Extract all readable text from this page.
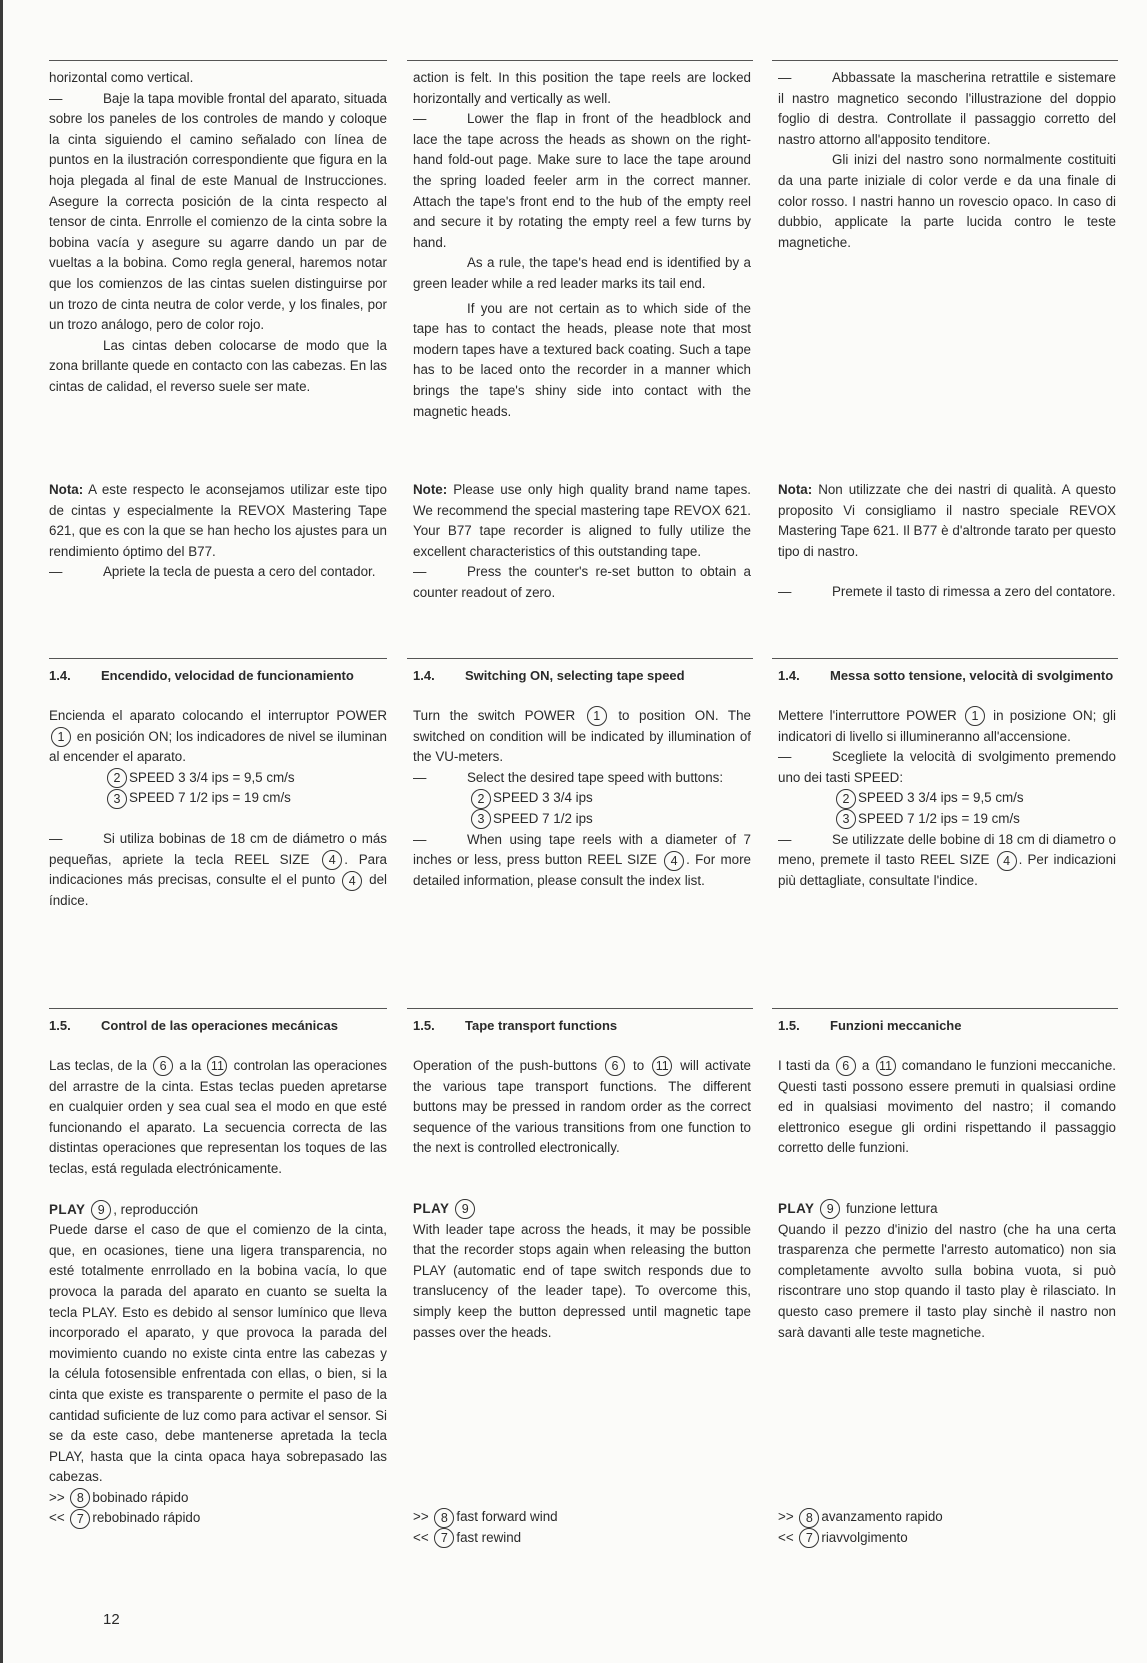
horizontal como vertical.

—	Baje la tapa movible frontal del aparato, situada sobre los paneles de los controles de mando y coloque la cinta siguiendo el camino señalado con línea de puntos en la ilustración correspondiente que figura en la hoja plegada al final de este Manual de Instrucciones. Asegure la correcta posición de la cinta respecto al tensor de cinta. Enrrolle el comienzo de la cinta sobre la bobina vacía y asegure su agarre dando un par de vueltas a la bobina. Como regla general, haremos notar que los comienzos de las cintas suelen distinguirse por un trozo de cinta neutra de color verde, y los finales, por un trozo análogo, pero de color rojo.

Las cintas deben colocarse de modo que la zona brillante quede en contacto con las cabezas. En las cintas de calidad, el reverso suele ser mate.

Nota: A este respecto le aconsejamos utilizar este tipo de cintas y especialmente la REVOX Mastering Tape 621, que es con la que se han hecho los ajustes para un rendimiento óptimo del B77.

—	Apriete la tecla de puesta a cero del contador.

1.4. Encendido, velocidad de funcionamiento

Encienda el aparato colocando el interruptor POWER 1 en posición ON; los indicadores de nivel se iluminan al encender el aparato.

2 SPEED 3 3/4 ips = 9,5 cm/s

3 SPEED 7 1/2 ips = 19 cm/s

—	Si utiliza bobinas de 18 cm de diámetro o más pequeñas, apriete la tecla REEL SIZE 4 . Para indicaciones más precisas, consulte el el punto 4 del índice.

1.5. Control de las operaciones mecánicas

Las teclas, de la 6 a la 11 controlan las operaciones del arrastre de la cinta. Estas teclas pueden apretarse en cualquier orden y sea cual sea el modo en que esté funcionando el aparato. La secuencia correcta de las distintas operaciones que representan los toques de las teclas, está regulada electrónicamente.

PLAY 9 , reproducción

Puede darse el caso de que el comienzo de la cinta, que, en ocasiones, tiene una ligera transparencia, no esté totalmente enrrollado en la bobina vacía, lo que provoca la parada del aparato en cuanto se suelta la tecla PLAY. Esto es debido al sensor lumínico que lleva incorporado el aparato, y que provoca la parada del movimiento cuando no existe cinta entre las cabezas y la célula fotosensible enfrentada con ellas, o bien, si la cinta que existe es transparente o permite el paso de la cantidad suficiente de luz como para activar el sensor. Si se da este caso, debe mantenerse apretada la tecla PLAY, hasta que la cinta opaca haya sobrepasado las cabezas.

>> 8 bobinado rápido

<< 7 rebobinado rápido

action is felt. In this position the tape reels are locked horizontally and vertically as well.

—	Lower the flap in front of the headblock and lace the tape across the heads as shown on the right-hand fold-out page. Make sure to lace the tape around the spring loaded feeler arm in the correct manner. Attach the tape's front end to the hub of the empty reel and secure it by rotating the empty reel a few turns by hand.

As a rule, the tape's head end is identified by a green leader while a red leader marks its tail end.

If you are not certain as to which side of the tape has to contact the heads, please note that most modern tapes have a textured back coating. Such a tape has to be laced onto the recorder in a manner which brings the tape's shiny side into contact with the magnetic heads.

Note: Please use only high quality brand name tapes. We recommend the special mastering tape REVOX 621. Your B77 tape recorder is aligned to fully utilize the excellent characteristics of this outstanding tape.

—	Press the counter's re-set button to obtain a counter readout of zero.

1.4. Switching ON, selecting tape speed

Turn the switch POWER 1 to position ON. The switched on condition will be indicated by illumination of the VU-meters.

—	Select the desired tape speed with buttons:

2 SPEED 3 3/4 ips

3 SPEED 7 1/2 ips

—	When using tape reels with a diameter of 7 inches or less, press button REEL SIZE 4 . For more detailed information, please consult the index list.

1.5. Tape transport functions

Operation of the push-buttons 6 to 11 will activate the various tape transport functions. The different buttons may be pressed in random order as the correct sequence of the various transitions from one function to the next is controlled electronically.

PLAY 9

With leader tape across the heads, it may be possible that the recorder stops again when releasing the button PLAY (automatic end of tape switch responds due to translucency of the leader tape). To overcome this, simply keep the button depressed until magnetic tape passes over the heads.

>> 8 fast forward wind

<< 7 fast rewind

—	Abbassate la mascherina retrattile e sistemare il nastro magnetico secondo l'illustrazione del doppio foglio di destra. Controllate il passaggio corretto del nastro attorno all'apposito tenditore.

Gli inizi del nastro sono normalmente costituiti da una parte iniziale di color verde e da una finale di color rosso. I nastri hanno un rovescio opaco. In caso di dubbio, applicate la parte lucida contro le teste magnetiche.

Nota: Non utilizzate che dei nastri di qualità. A questo proposito Vi consigliamo il nastro speciale REVOX Mastering Tape 621. Il B77 è d'altronde tarato per questo tipo di nastro.

—	Premete il tasto di rimessa a zero del contatore.

1.4. Messa sotto tensione, velocità di svolgimento

Mettere l'interruttore POWER 1 in posizione ON; gli indicatori di livello si illumineranno all'accensione.

—	Scegliete la velocità di svolgimento premendo uno dei tasti SPEED:

2 SPEED 3 3/4 ips = 9,5 cm/s

3 SPEED 7 1/2 ips = 19 cm/s

—	Se utilizzate delle bobine di 18 cm di diametro o meno, premete il tasto REEL SIZE 4 . Per indicazioni più dettagliate, consultate l'indice.

1.5. Funzioni meccaniche

I tasti da 6 a 11 comandano le funzioni meccaniche. Questi tasti possono essere premuti in qualsiasi ordine ed in qualsiasi movimento del nastro; il comando elettronico esegue gli ordini rispettando il passaggio corretto delle funzioni.

PLAY 9 funzione lettura

Quando il pezzo d'inizio del nastro (che ha una certa trasparenza che permette l'arresto automatico) non sia completamente avvolto sulla bobina vuota, si può riscontrare uno stop quando il tasto play è rilasciato. In questo caso premere il tasto play sinchè il nastro non sarà davanti alle teste magnetiche.

>> 8 avanzamento rapido

<< 7 riavvolgimento

12
